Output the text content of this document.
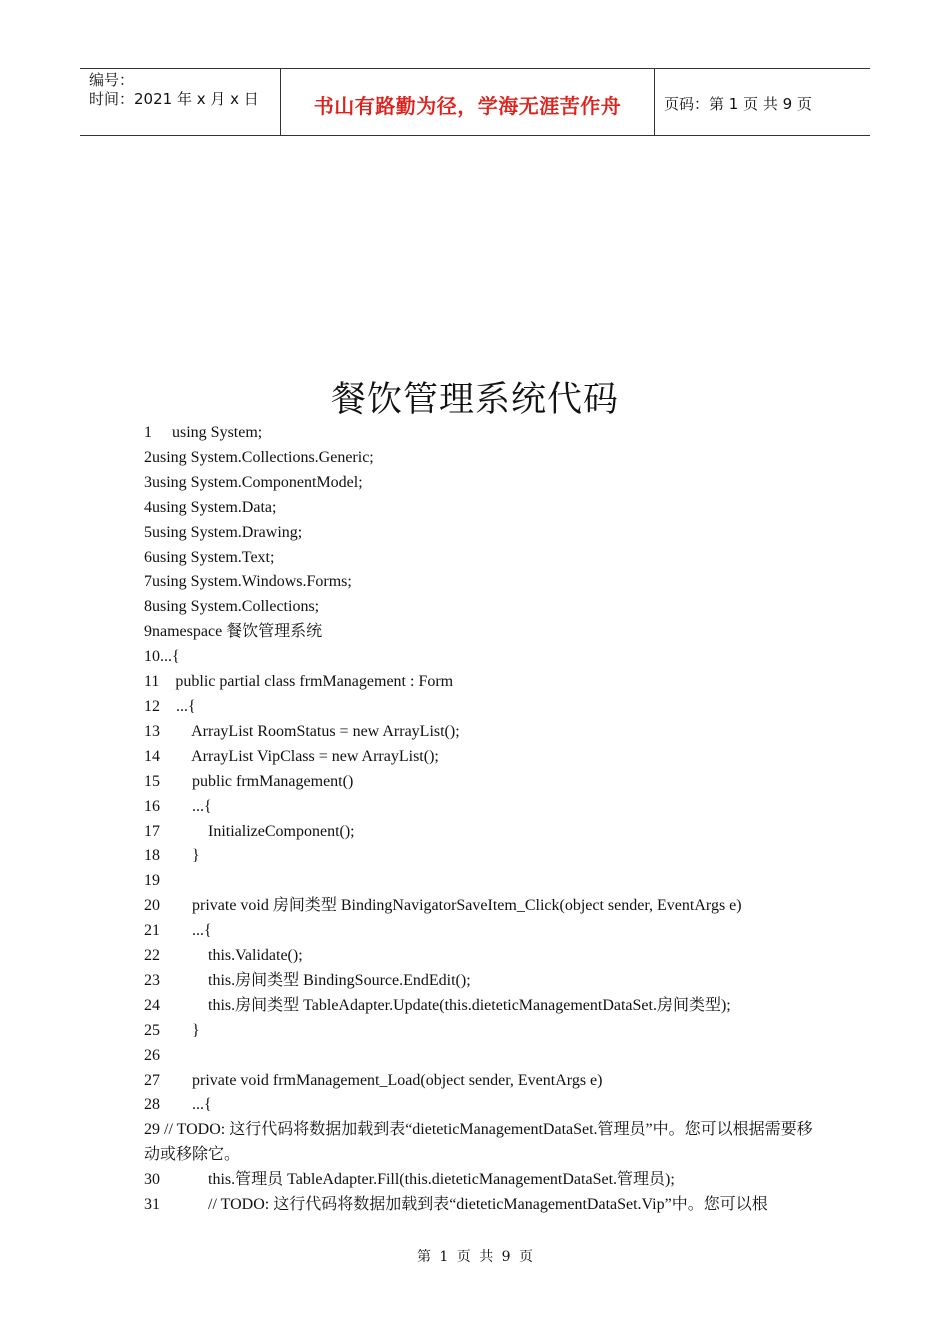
编号：
时间：2021 年 x 月 x 日	书山有路勤为径，学海无涯苦作舟	页码：第 1 页 共 9 页
餐饮管理系统代码
1     using System;
2using System.Collections.Generic;
3using System.ComponentModel;
4using System.Data;
5using System.Drawing;
6using System.Text;
7using System.Windows.Forms;
8using System.Collections;
9namespace 餐饮管理系统
10...{
11    public partial class frmManagement : Form
12    ...{
13        ArrayList RoomStatus = new ArrayList();
14        ArrayList VipClass = new ArrayList();
15        public frmManagement()
16        ...{
17            InitializeComponent();
18        }
19
20        private void 房间类型 BindingNavigatorSaveItem_Click(object sender, EventArgs e)
21        ...{
22            this.Validate();
23            this.房间类型 BindingSource.EndEdit();
24            this.房间类型 TableAdapter.Update(this.dieteticManagementDataSet.房间类型);
25        }
26
27        private void frmManagement_Load(object sender, EventArgs e)
28        ...{
29 // TODO: 这行代码将数据加载到表“dieteticManagementDataSet.管理员”中。您可以根据需要移动或移除它。
30            this.管理员 TableAdapter.Fill(this.dieteticManagementDataSet.管理员);
31            // TODO: 这行代码将数据加载到表“dieteticManagementDataSet.Vip”中。您可以根
第 1 页 共 9 页
